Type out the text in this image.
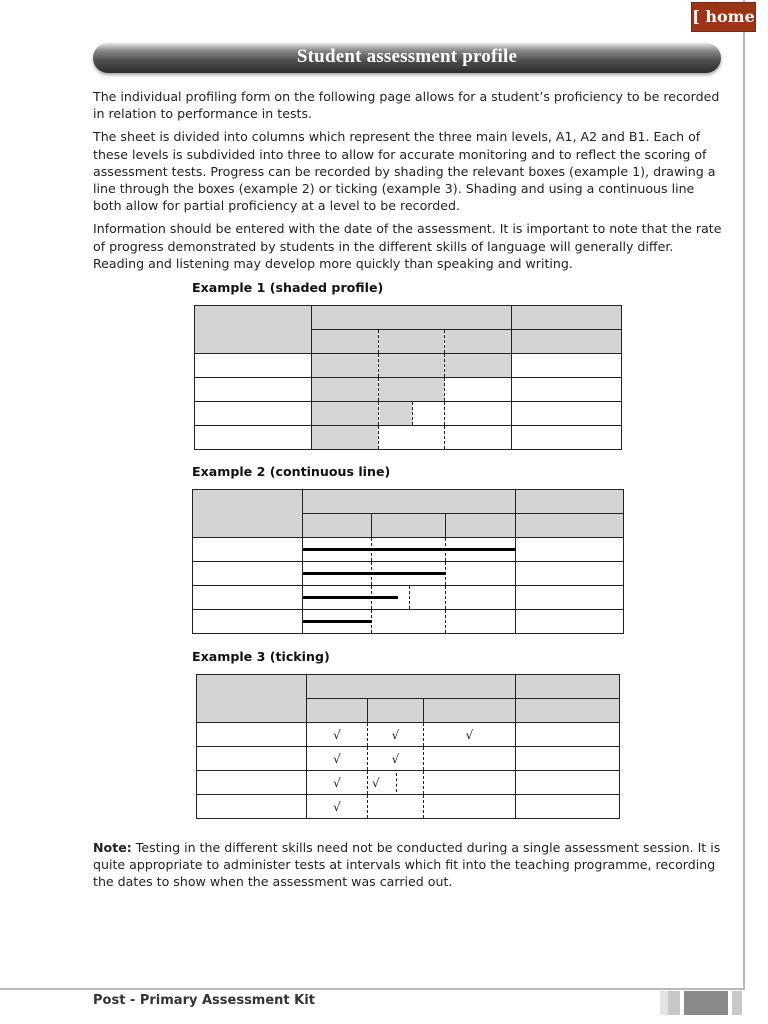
[ home ]
Student assessment profile

The individual profiling form on the following page allows for a student’s proficiency to be recorded in relation to performance in tests.

The sheet is divided into columns which represent the three main levels, A1, A2 and B1. Each of these levels is subdivided into three to allow for accurate monitoring and to reflect the scoring of assessment tests. Progress can be recorded by shading the relevant boxes (example 1), drawing a line through the boxes (example 2) or ticking (example 3). Shading and using a continuous line both allow for partial proficiency at a level to be recorded.

Information should be entered with the date of the assessment. It is important to note that the rate of progress demonstrated by students in the different skills of language will generally differ. Reading and listening may develop more quickly than speaking and writing.

Example 1 (shaded profile)

Example 2 (continuous line)

Example 3 (ticking)

	√	√	√	
	√	√		
	√	√

	√			
Note: Testing in the different skills need not be conducted during a single assessment session. It is quite appropriate to administer tests at intervals which fit into the teaching programme, recording the dates to show when the assessment was carried out.
Post - Primary Assessment Kit
